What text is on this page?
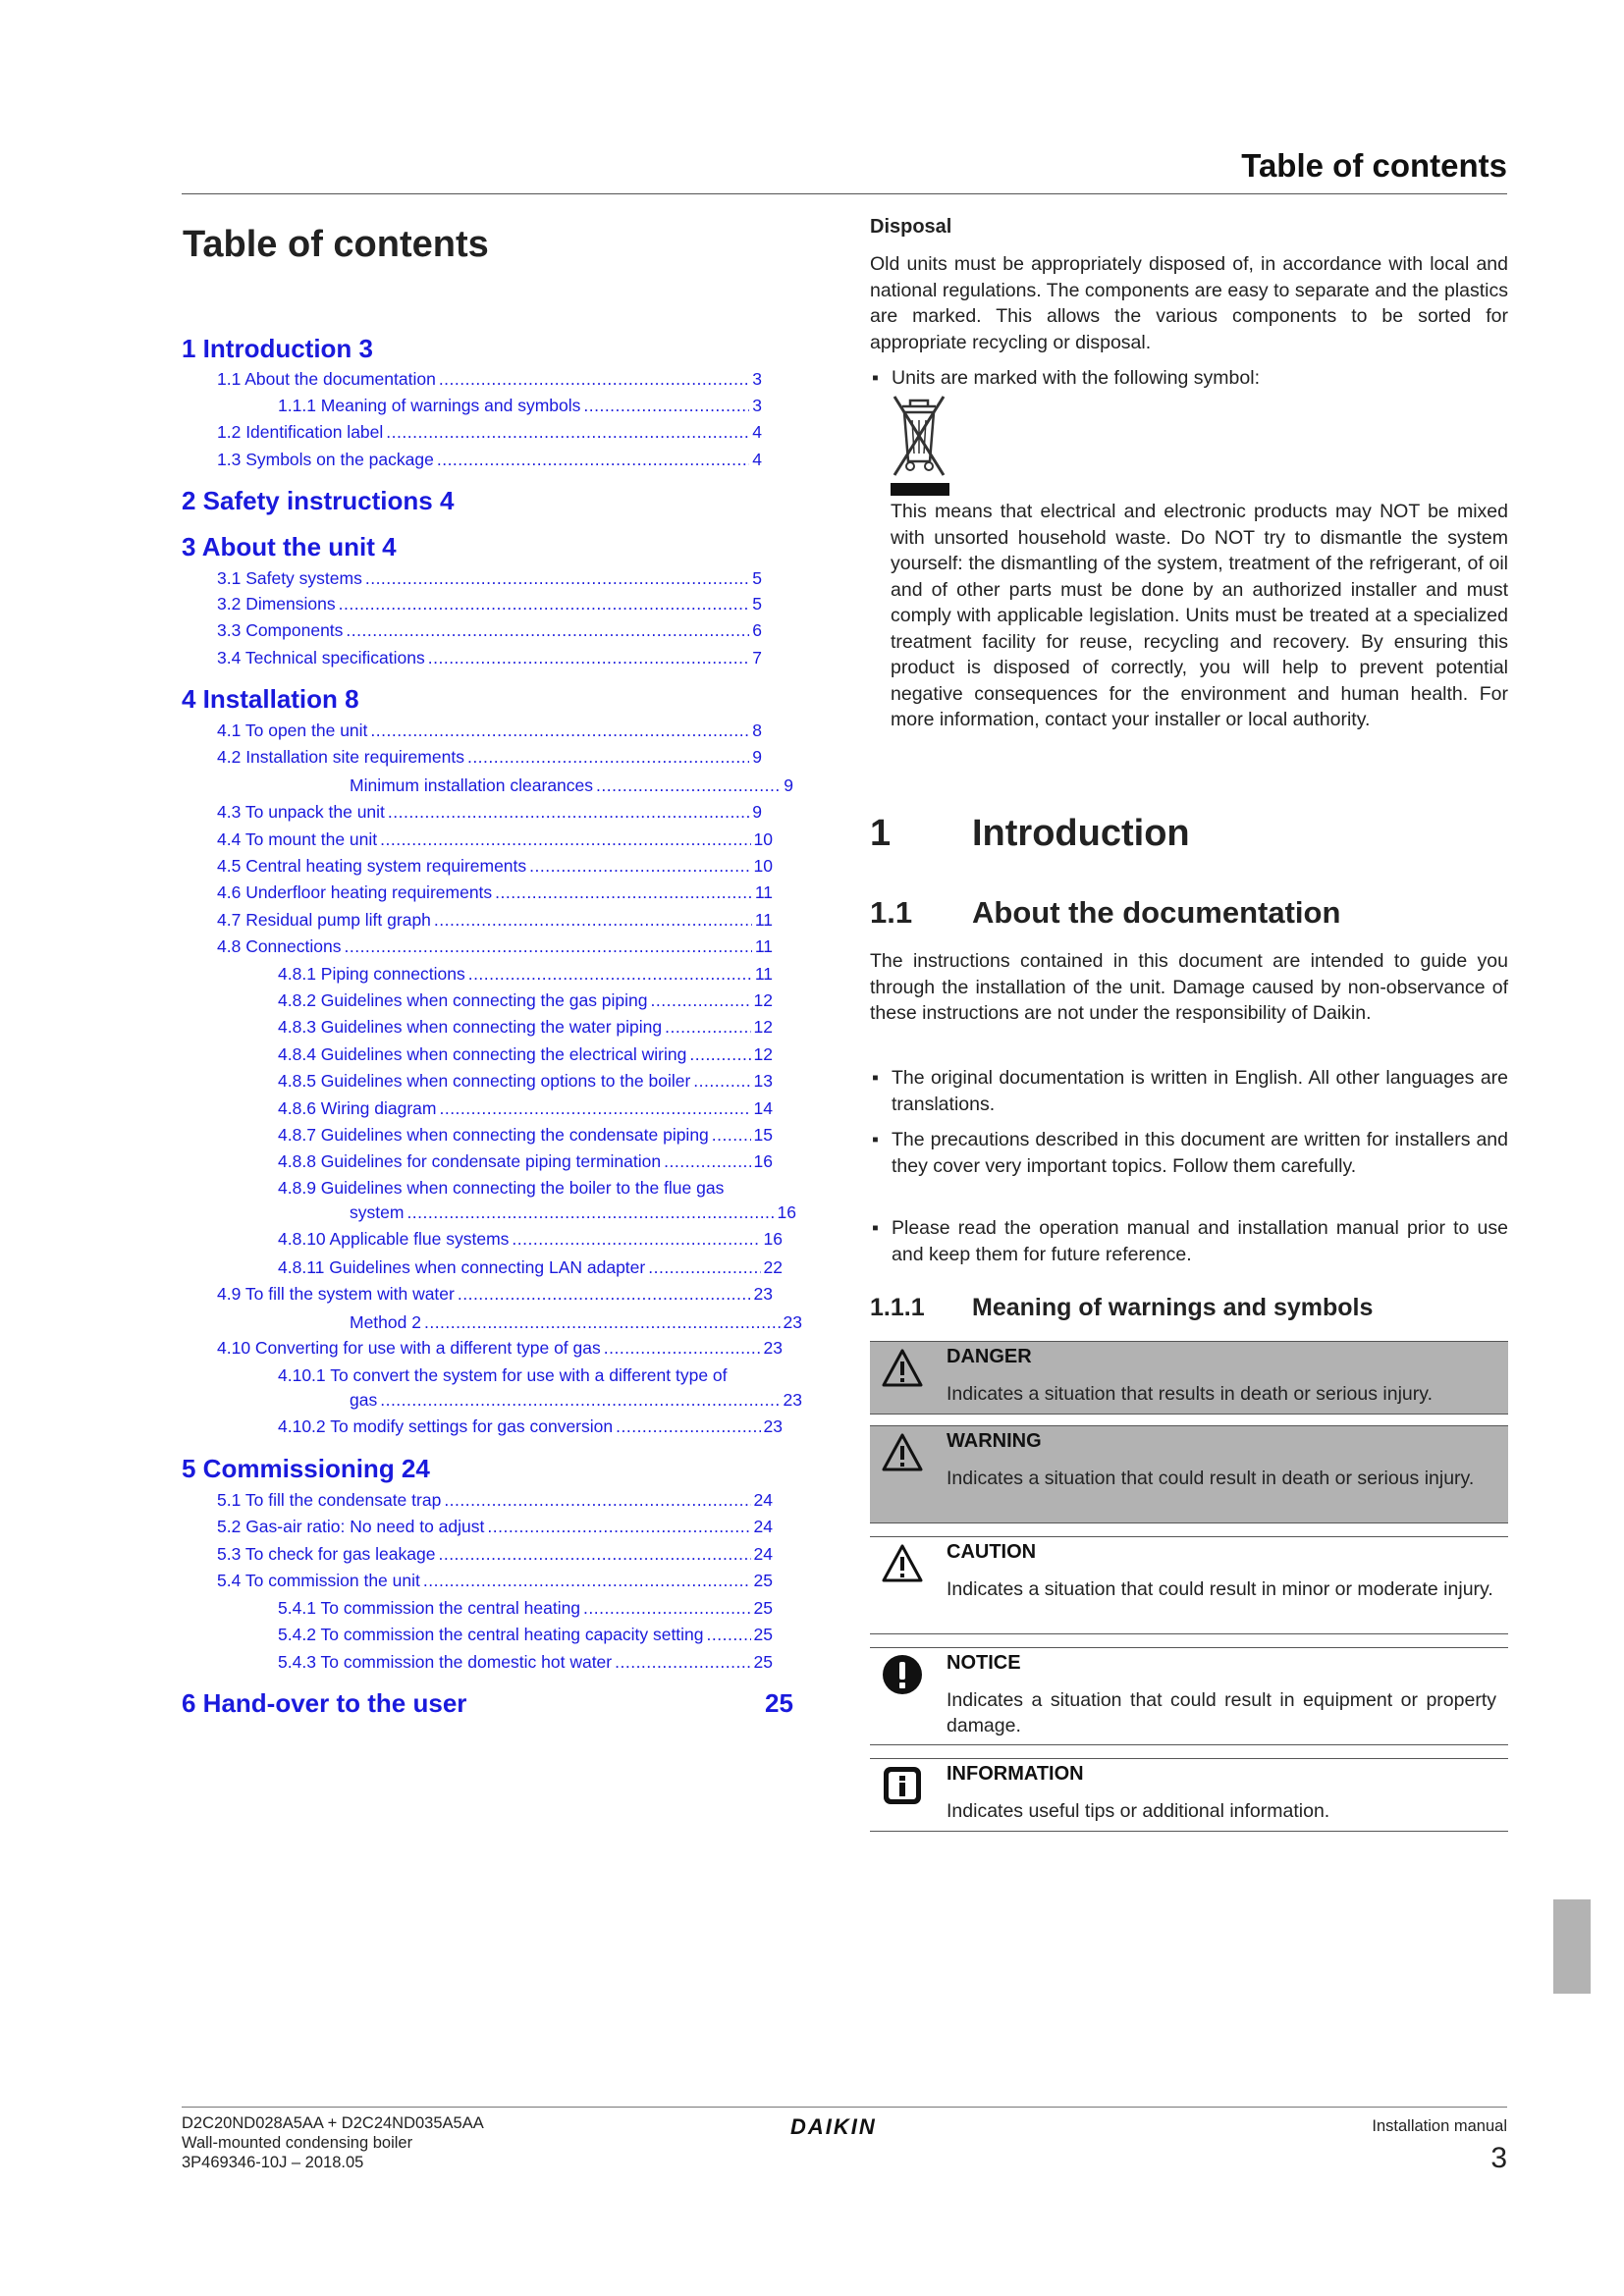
Table of contents
Table of contents
1 Introduction 3
1.1 About the documentation .....	3
1.1.1 Meaning of warnings and symbols .....	3
1.2 Identification label .....	4
1.3 Symbols on the package .....	4
2 Safety instructions 4
3 About the unit 4
3.1 Safety systems .....	5
3.2 Dimensions .....	5
3.3 Components .....	6
3.4 Technical specifications .....	7
4 Installation 8
4.1 To open the unit .....	8
4.2 Installation site requirements .....	9
Minimum installation clearances .....	9
4.3 To unpack the unit .....	9
4.4 To mount the unit .....	10
4.5 Central heating system requirements .....	10
4.6 Underfloor heating requirements .....	11
4.7 Residual pump lift graph .....	11
4.8 Connections .....	11
4.8.1 Piping connections .....	11
4.8.2 Guidelines when connecting the gas piping .....	12
4.8.3 Guidelines when connecting the water piping .....	12
4.8.4 Guidelines when connecting the electrical wiring .....	12
4.8.5 Guidelines when connecting options to the boiler .....	13
4.8.6 Wiring diagram .....	14
4.8.7 Guidelines when connecting the condensate piping .....	15
4.8.8 Guidelines for condensate piping termination .....	16
4.8.9 Guidelines when connecting the boiler to the flue gas
system .....	16
4.8.10 Applicable flue systems .....	16
4.8.11 Guidelines when connecting LAN adapter .....	22
4.9 To fill the system with water .....	23
Method 2 .....	23
4.10 Converting for use with a different type of gas .....	23
4.10.1 To convert the system for use with a different type of
gas .....	23
4.10.2 To modify settings for gas conversion .....	23
5 Commissioning 24
5.1 To fill the condensate trap .....	24
5.2 Gas-air ratio: No need to adjust .....	24
5.3 To check for gas leakage .....	24
5.4 To commission the unit .....	25
5.4.1 To commission the central heating .....	25
5.4.2 To commission the central heating capacity setting .....	25
5.4.3 To commission the domestic hot water .....	25
6 Hand-over to the user	25
Disposal
Old units must be appropriately disposed of, in accordance with local and national regulations. The components are easy to separate and the plastics are marked. This allows the various components to be sorted for appropriate recycling or disposal.
▪ Units are marked with the following symbol:
This means that electrical and electronic products may NOT be mixed with unsorted household waste. Do NOT try to dismantle the system yourself: the dismantling of the system, treatment of the refrigerant, of oil and of other parts must be done by an authorized installer and must comply with applicable legislation. Units must be treated at a specialized treatment facility for reuse, recycling and recovery. By ensuring this product is disposed of correctly, you will help to prevent potential negative consequences for the environment and human health. For more information, contact your installer or local authority.
1 Introduction
1.1 About the documentation
The instructions contained in this document are intended to guide you through the installation of the unit. Damage caused by non-observance of these instructions are not under the responsibility of Daikin.
▪ The original documentation is written in English. All other languages are translations.
▪ The precautions described in this document are written for installers and they cover very important topics. Follow them carefully.
▪ Please read the operation manual and installation manual prior to use and keep them for future reference.
1.1.1 Meaning of warnings and symbols
DANGER
Indicates a situation that results in death or serious injury.
WARNING
Indicates a situation that could result in death or serious injury.
CAUTION
Indicates a situation that could result in minor or moderate injury.
NOTICE
Indicates a situation that could result in equipment or property damage.
INFORMATION
Indicates useful tips or additional information.
D2C20ND028A5AA + D2C24ND035A5AA
Wall-mounted condensing boiler
3P469346-10J – 2018.05
DAIKIN	Installation manual
3
